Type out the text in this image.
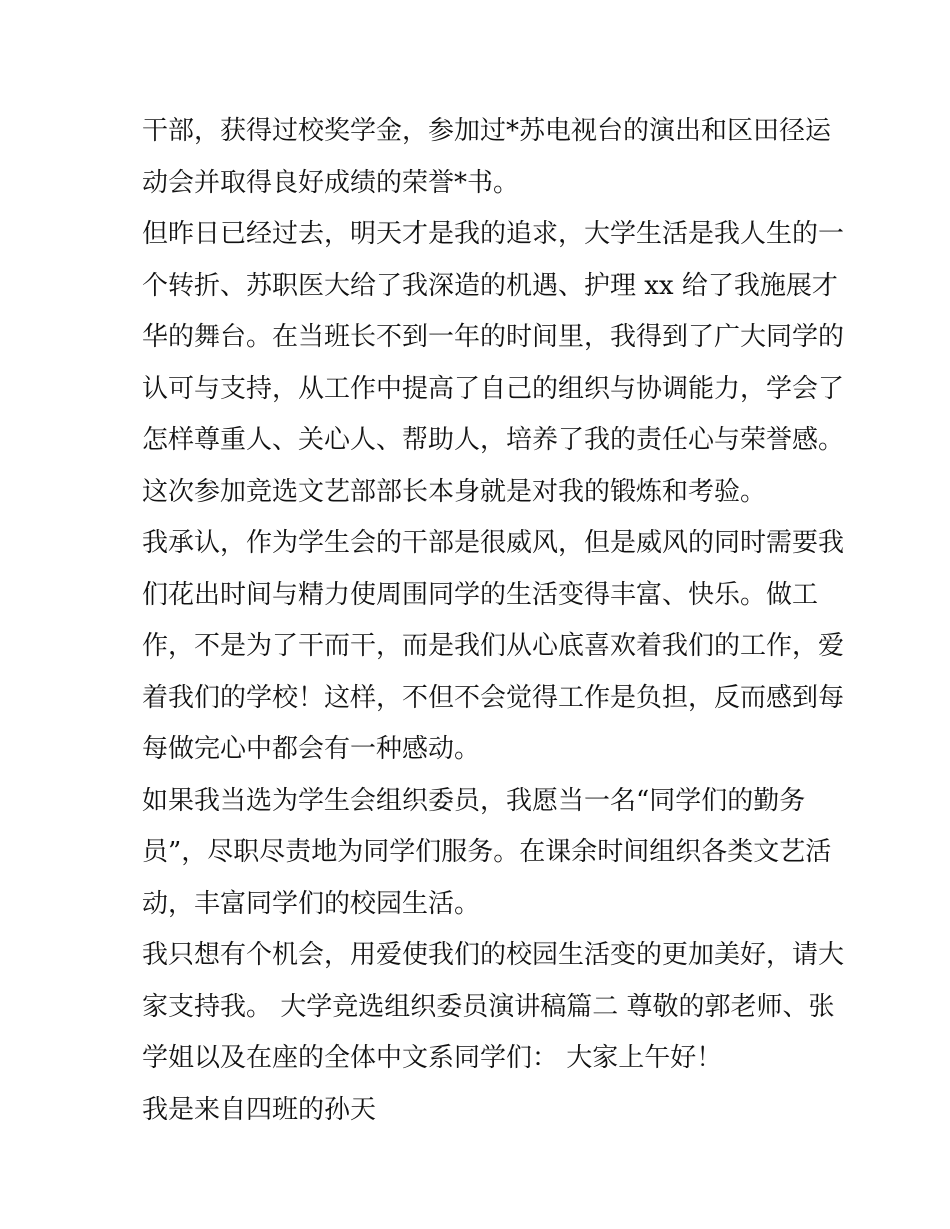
干部，获得过校奖学金，参加过*苏电视台的演出和区田径运
动会并取得良好成绩的荣誉*书。
但昨日已经过去，明天才是我的追求，大学生活是我人生的一
个转折、苏职医大给了我深造的机遇、护理 xx 给了我施展才
华的舞台。在当班长不到一年的时间里，我得到了广大同学的
认可与支持，从工作中提高了自己的组织与协调能力，学会了
怎样尊重人、关心人、帮助人，培养了我的责任心与荣誉感。
这次参加竞选文艺部部长本身就是对我的锻炼和考验。
我承认，作为学生会的干部是很威风，但是威风的同时需要我
们花出时间与精力使周围同学的生活变得丰富、快乐。做工
作，不是为了干而干，而是我们从心底喜欢着我们的工作，爱
着我们的学校！这样，不但不会觉得工作是负担，反而感到每
每做完心中都会有一种感动。
如果我当选为学生会组织委员，我愿当一名“同学们的勤务
员”，尽职尽责地为同学们服务。在课余时间组织各类文艺活
动，丰富同学们的校园生活。
我只想有个机会，用爱使我们的校园生活变的更加美好，请大
家支持我。 大学竞选组织委员演讲稿篇二 尊敬的郭老师、张
学姐以及在座的全体中文系同学们： 大家上午好！
我是来自四班的孙天
